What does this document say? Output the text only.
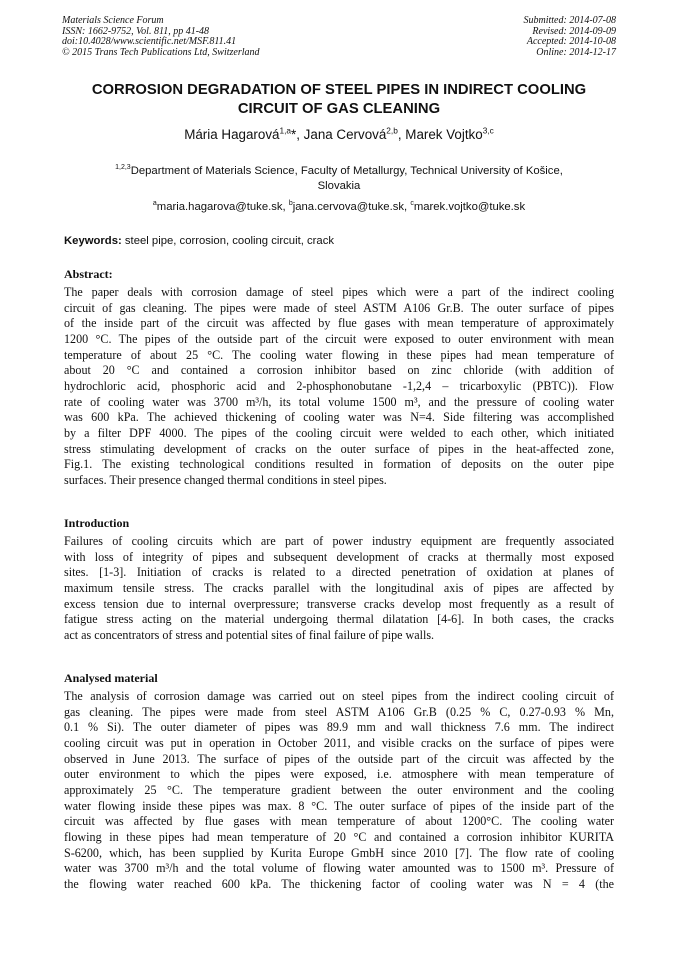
Materials Science Forum
ISSN: 1662-9752, Vol. 811, pp 41-48
doi:10.4028/www.scientific.net/MSF.811.41
© 2015 Trans Tech Publications Ltd, Switzerland
Submitted: 2014-07-08
Revised: 2014-09-09
Accepted: 2014-10-08
Online: 2014-12-17
CORROSION DEGRADATION OF STEEL PIPES IN INDIRECT COOLING
CIRCUIT OF GAS CLEANING
Mária Hagarová$^{1,a}$*, Jana Cervová$^{2,b}$, Marek Vojtko$^{3,c}$
$^{1,2,3}$Department of Materials Science, Faculty of Metallurgy, Technical University of Košice,
Slovakia
$^a$maria.hagarova@tuke.sk, $^b$jana.cervova@tuke.sk, $^c$marek.vojtko@tuke.sk
Keywords: steel pipe, corrosion, cooling circuit, crack
Abstract:
The paper deals with corrosion damage of steel pipes which were a part of the indirect cooling
circuit of gas cleaning. The pipes were made of steel ASTM A106 Gr.B. The outer surface of pipes
of the inside part of the circuit was affected by flue gases with mean temperature of approximately
1200 °C. The pipes of the outside part of the circuit were exposed to outer environment with mean
temperature of about 25 °C. The cooling water flowing in these pipes had mean temperature of
about 20 °C and contained a corrosion inhibitor based on zinc chloride (with addition of
hydrochloric acid, phosphoric acid and 2-phosphonobutane -1,2,4 – tricarboxylic (PBTC)). Flow
rate of cooling water was 3700 m³/h, its total volume 1500 m³, and the pressure of cooling water
was 600 kPa. The achieved thickening of cooling water was N=4. Side filtering was accomplished
by a filter DPF 4000. The pipes of the cooling circuit were welded to each other, which initiated
stress stimulating development of cracks on the outer surface of pipes in the heat-affected zone,
Fig.1. The existing technological conditions resulted in formation of deposits on the outer pipe
surfaces. Their presence changed thermal conditions in steel pipes.
Introduction
Failures of cooling circuits which are part of power industry equipment are frequently associated
with loss of integrity of pipes and subsequent development of cracks at thermally most exposed
sites. [1-3]. Initiation of cracks is related to a directed penetration of oxidation at planes of
maximum tensile stress. The cracks parallel with the longitudinal axis of pipes are affected by
excess tension due to internal overpressure; transverse cracks develop most frequently as a result of
fatigue stress acting on the material undergoing thermal dilatation [4-6]. In both cases, the cracks
act as concentrators of stress and potential sites of final failure of pipe walls.
Analysed material
The analysis of corrosion damage was carried out on steel pipes from the indirect cooling circuit of
gas cleaning. The pipes were made from steel ASTM A106 Gr.B (0.25 % C, 0.27-0.93 % Mn,
0.1 % Si). The outer diameter of pipes was 89.9 mm and wall thickness 7.6 mm. The indirect
cooling circuit was put in operation in October 2011, and visible cracks on the surface of pipes were
observed in June 2013. The surface of pipes of the outside part of the circuit was affected by the
outer environment to which the pipes were exposed, i.e. atmosphere with mean temperature of
approximately 25 °C. The temperature gradient between the outer environment and the cooling
water flowing inside these pipes was max. 8 °C. The outer surface of pipes of the inside part of the
circuit was affected by flue gases with mean temperature of about 1200°C. The cooling water
flowing in these pipes had mean temperature of 20 °C and contained a corrosion inhibitor KURITA
S-6200, which, has been supplied by Kurita Europe GmbH since 2010 [7]. The flow rate of cooling
water was 3700 m³/h and the total volume of flowing water amounted was to 1500 m³. Pressure of
the flowing water reached 600 kPa. The thickening factor of cooling water was N = 4 (the
